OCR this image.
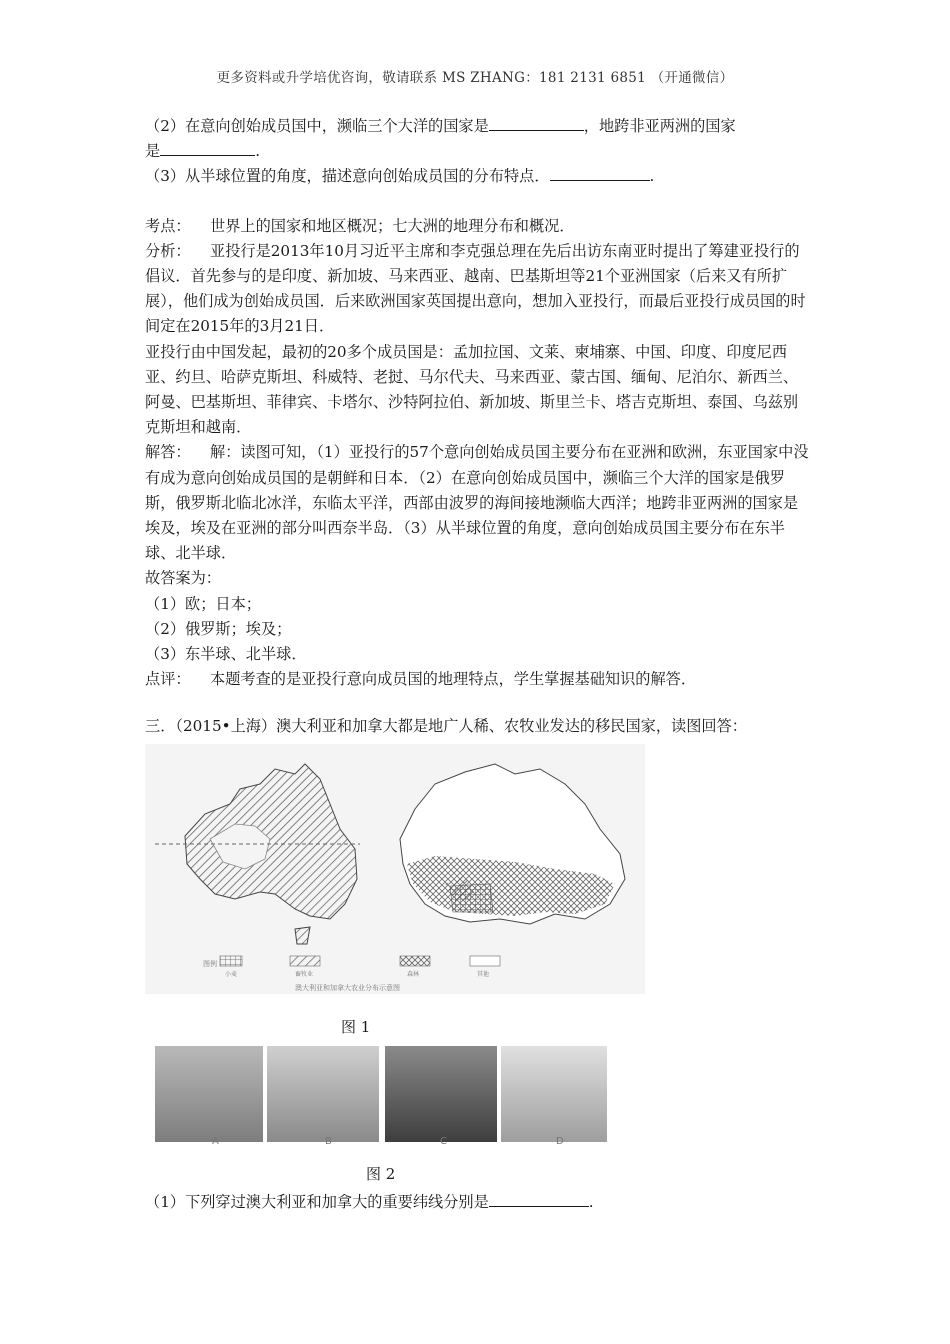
更多资料或升学培优咨询，敬请联系 MS ZHANG：181 2131 6851 （开通微信）

（2）在意向创始成员国中，濒临三个大洋的国家是	，地跨非亚两洲的国家
是	.

（3）从半球位置的角度，描述意向创始成员国的分布特点．	.

考点： 世界上的国家和地区概况；七大洲的地理分布和概况．

分析： 亚投行是2013年10月习近平主席和李克强总理在先后出访东南亚时提出了筹建亚投行的倡议．首先参与的是印度、新加坡、马来西亚、越南、巴基斯坦等21个亚洲国家（后来又有所扩展），他们成为创始成员国．后来欧洲国家英国提出意向，想加入亚投行，而最后亚投行成员国的时间定在2015年的3月21日．

亚投行由中国发起，最初的20多个成员国是：孟加拉国、文莱、柬埔寨、中国、印度、印度尼西亚、约旦、哈萨克斯坦、科威特、老挝、马尔代夫、马来西亚、蒙古国、缅甸、尼泊尔、新西兰、阿曼、巴基斯坦、菲律宾、卡塔尔、沙特阿拉伯、新加坡、斯里兰卡、塔吉克斯坦、泰国、乌兹别克斯坦和越南．

解答： 解：读图可知，（1）亚投行的57个意向创始成员国主要分布在亚洲和欧洲，东亚国家中没有成为意向创始成员国的是朝鲜和日本．（2）在意向创始成员国中，濒临三个大洋的国家是俄罗斯，俄罗斯北临北冰洋，东临太平洋，西部由波罗的海间接地濒临大西洋；地跨非亚两洲的国家是埃及，埃及在亚洲的部分叫西奈半岛．（3）从半球位置的角度，意向创始成员国主要分布在东半球、北半球．

故答案为：

（1）欧；日本；

（2）俄罗斯；埃及；

（3）东半球、北半球．

点评： 本题考查的是亚投行意向成员国的地理特点，学生掌握基础知识的解答．

三．（2015•上海）澳大利亚和加拿大都是地广人稀、农牧业发达的移民国家，读图回答：

图例
小麦	畜牧业	森林	其他
澳大利亚和加拿大农业分布示意图
图 1
A	B	C	D
图 2
（1）下列穿过澳大利亚和加拿大的重要纬线分别是	.
